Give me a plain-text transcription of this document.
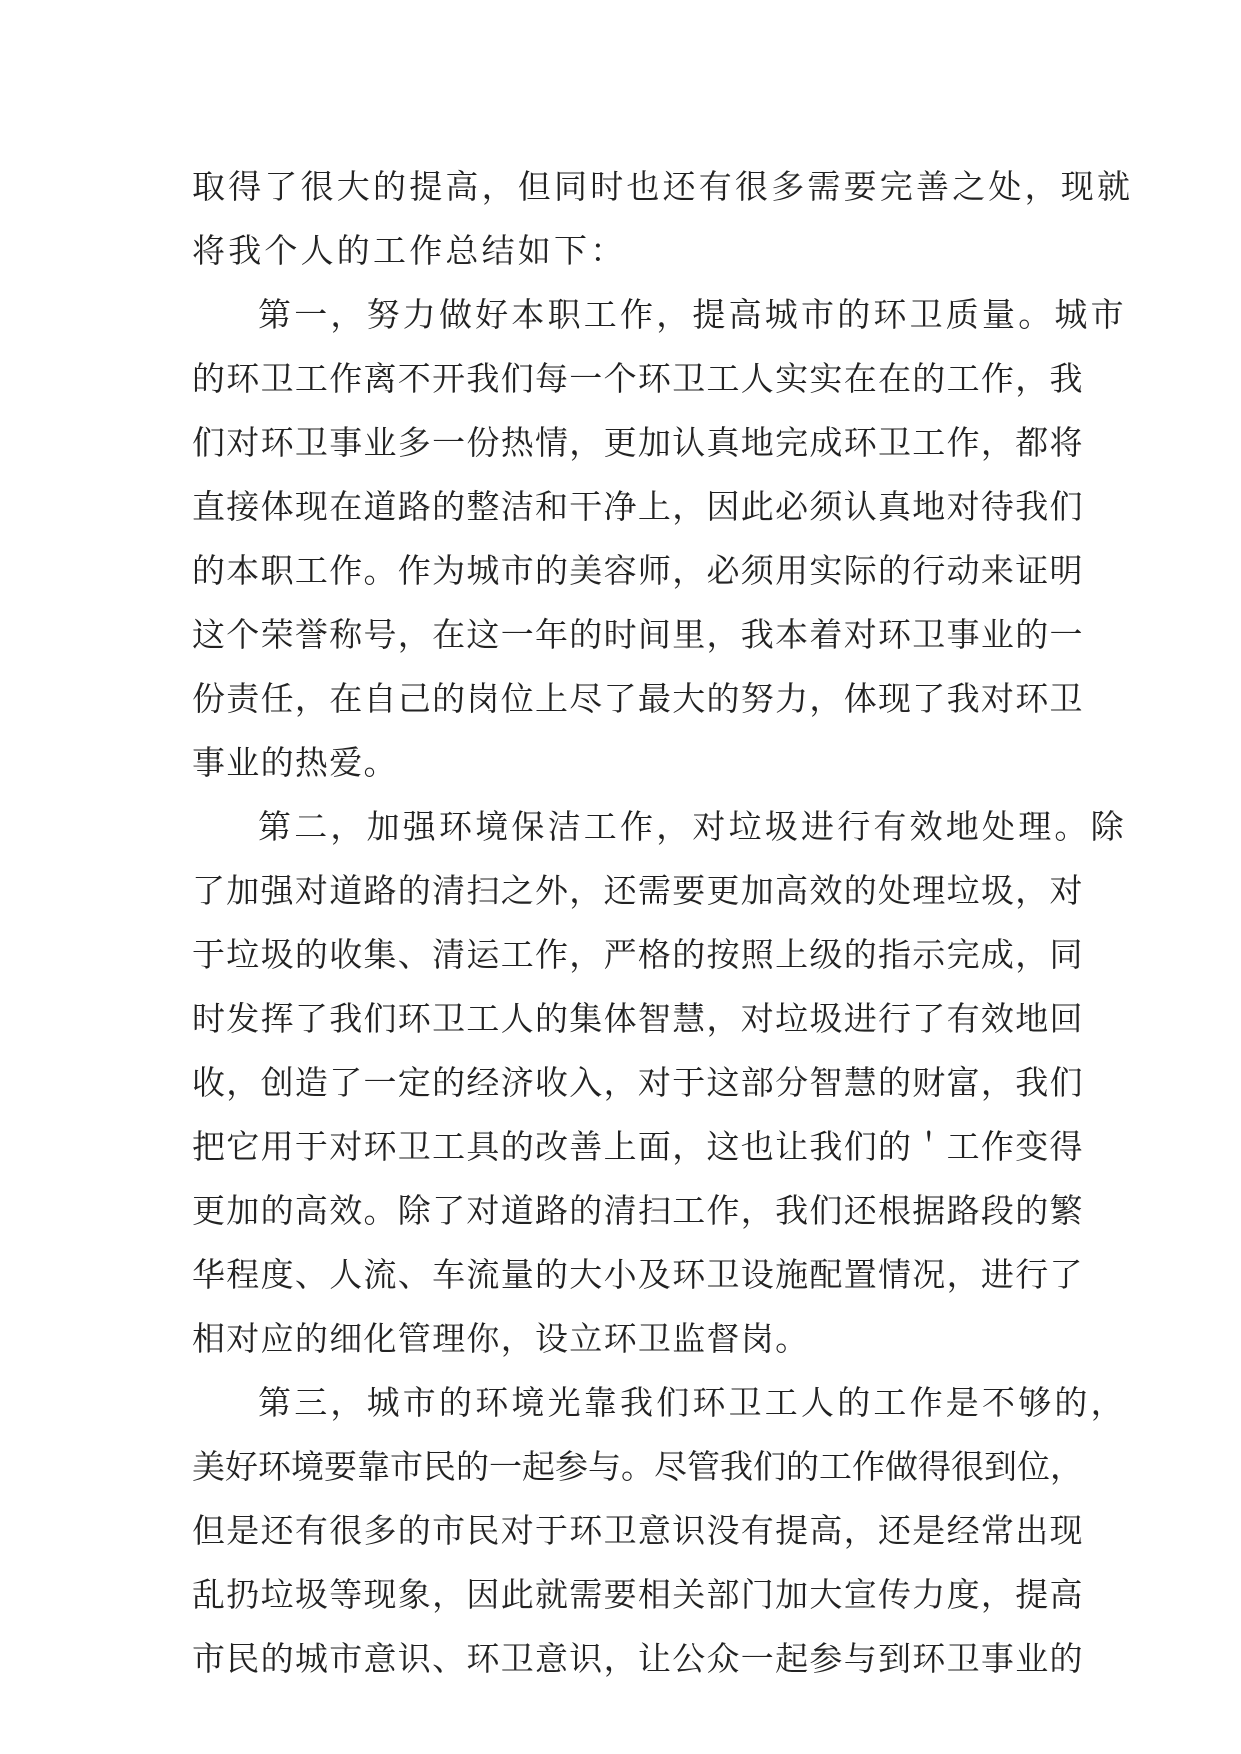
取得了很大的提高，但同时也还有很多需要完善之处，现就
将我个人的工作总结如下：
第一，努力做好本职工作，提高城市的环卫质量。城市
的环卫工作离不开我们每一个环卫工人实实在在的工作，我
们对环卫事业多一份热情，更加认真地完成环卫工作，都将
直接体现在道路的整洁和干净上，因此必须认真地对待我们
的本职工作。作为城市的美容师，必须用实际的行动来证明
这个荣誉称号，在这一年的时间里，我本着对环卫事业的一
份责任，在自己的岗位上尽了最大的努力，体现了我对环卫
事业的热爱。
第二，加强环境保洁工作，对垃圾进行有效地处理。除
了加强对道路的清扫之外，还需要更加高效的处理垃圾，对
于垃圾的收集、清运工作，严格的按照上级的指示完成，同
时发挥了我们环卫工人的集体智慧，对垃圾进行了有效地回
收，创造了一定的经济收入，对于这部分智慧的财富，我们
把它用于对环卫工具的改善上面，这也让我们的＇工作变得
更加的高效。除了对道路的清扫工作，我们还根据路段的繁
华程度、人流、车流量的大小及环卫设施配置情况，进行了
相对应的细化管理你，设立环卫监督岗。
第三，城市的环境光靠我们环卫工人的工作是不够的，
美好环境要靠市民的一起参与。尽管我们的工作做得很到位，
但是还有很多的市民对于环卫意识没有提高，还是经常出现
乱扔垃圾等现象，因此就需要相关部门加大宣传力度，提高
市民的城市意识、环卫意识，让公众一起参与到环卫事业的
